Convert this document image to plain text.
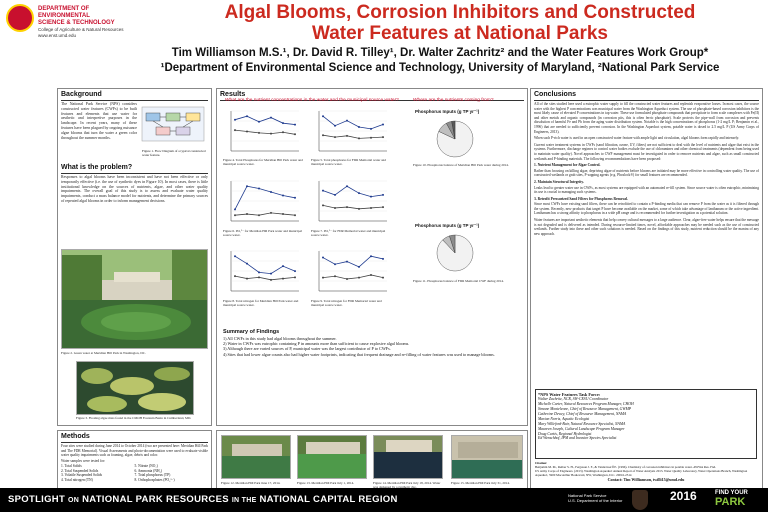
DEPARTMENT OF
ENVIRONMENTAL
SCIENCE & TECHNOLOGY
College of Agriculture & Natural Resources
www.enst.umd.edu
Algal Blooms, Corrosion Inhibitors and Constructed
Water Features at National Parks
Tim Williamson M.S.¹, Dr. David R. Tilley¹, Dr. Walter Zachritz² and the Water Features Work Group*
¹Department of Environmental Science and Technology, University of Maryland, ²National Park Service
Background
The National Park Service (NPS) considers constructed water features (CWFs) to be built features and elements that use water for aesthetic and interpretive purposes in the landscape. In recent years, many of these features have been plagued by ongoing nuisance algae blooms that turn the water a green color throughout the summer months.
Figure 1. Flow Diagram of a typical constructed water feature.
What is the problem?
Responses to algal blooms have been inconsistent and have not been effective or only temporarily effective (i.e. the use of synthetic dyes in Figure 10). In most cases, there is little institutional knowledge on the sources of nutrients, algae, and other water quality impairments. The overall goal of this study is to assess and evaluate water quality impairments, conduct a mass balance model for nutrients, and determine the primary sources of repeated algal blooms in order to inform management decisions.
Figure 2. Green water at Meridian Hill Park in Washington, DC.
Figure 3. Floating algae mats found in the CMOH Fountain Basin in Cumberland, MD.
Methods
Four sites were studied during June 2014 to October 2014 (two are presented here: Meridian Hill Park and The FDR Memorial). Visual Assessments and photo-documentation were used to evaluate visible water quality impairments such as foaming, algae, debris and color.
Water samples were tested for:
1. Total Solids
2. Total Suspended Solids
3. Volatile Suspended Solids
4. Total nitrogen (TN)
5. Nitrate (NO₃)
6. Ammonia (NH₄)
7. Total phosphorus (TP)
8. Orthophosphates (PO₄³⁻)
Results
What are the nutrient concentrations in the water and the municipal source water?	Where are the nutrients coming from?
Figure 4. Total Phosphorus for Meridian Hill Park water and municipal source water.
Figure 5. Total phosphorus for FDR Memorial water and municipal source water.
Figure 6. PO₄³⁻ for Meridian Hill Park water and municipal source water.
Figure 7. PO₄³⁻ for FDR Memorial water and municipal source water.
Figure 8. Total nitrogen for Meridian Hill Park water and municipal source water.
Figure 9. Total nitrogen for FDR Memorial water and municipal source water.
Phosphorus Inputs (g TP yr⁻¹)
Figure 10. Phosphorus balance of Meridian Hill Park water during 2014.
Phosphorus Inputs (g TP yr⁻¹)
Figure 11. Phosphorus balance of FDR Memorial CWF during 2014.
Summary of Findings
1) All CWFs in this study had algal blooms throughout the summer.
2) Water in CWFs was eutrophic containing P in amounts more than sufficient to cause explosive algal blooms.
3) Although there are varied sources of P, municipal water was the largest contributor of P to CWFs.
4) Sites that had lower algae counts also had higher water footprints, indicating that frequent drainage and re-filling of water features was used to manage blooms.
Figure 12. Meridian Hill Park June 17, 2014.	Figure 13. Meridian Hill Park July 1, 2014.	Figure 14. Meridian Hill Park July 18, 2014. Water	Figure 15. Meridian Hill Park July 31, 2014.
Conclusions
All of the sites studied here used a eutrophic water supply to fill the constructed water features and replenish evaporative losses. In most cases, the source water with the highest P concentrations was municipal water from the Washington Aqueduct system. The use of phosphate-based corrosion inhibitors is the most likely cause of elevated P concentrations in tap water. These use formulated phosphate compounds that precipitate to form scale complexes with Fe(II) and other metals and organic compounds (in corrosion pits, this is often ferric phosphate). Scale protects the pipe-wall from corrosion and prevents dissolution of harmful Fe and Pb from the aging water distribution system. Notable is the high concentrations of phosphorus (1-2 mg/L P; Benjamin et al., 1996) that are needed to sufficiently prevent corrosion. In the Washington Aqueduct system, potable water is dosed to 2.5 mg/L P (US Army Corps of Engineers, 2013).
When such P-rich water is used in an open constructed water feature with ample light and circulation, algal blooms form rapidly and intensely.
Current water treatment systems in CWFs (sand filtration, ozone, UV, filters) are not sufficient to deal with the level of nutrients and algae that exist in the systems. Furthermore, discharge regimes to control water bodies exclude the use of chloramines and other chemical treatments (dependent from being used to maintain water quality). Novel approaches to CWF management must be investigated in order to remove nutrients and algae, such as small constructed wetlands and P-binding materials. The following recommendations have been proposed:
1. Nutrient Management for Algae Control.
Rather than focusing on killing algae, depriving algae of nutrients before blooms are initiated may be more effective in controlling water quality. The use of constructed wetlands or grab sites, P-sapping agents (e.g. Phoslock®) for small features are recommended.
2. Maintain Structural Integrity.
Leaks lead to greater water use in CWFs, as most systems are equipped with an automated re-fill system. Since source water is often eutrophic, minimizing its use is crucial to managing such systems.
3. Retrofit Pressurized Sand Filters for Phosphorus Removal.
Since most CWFs have existing sand filters, these can be retrofitted to contain a P-binding media that can remove P from the water as it is filtered through the system. Recently, new products that target P have become available on the market, some of which take advantage of lanthanum or the active ingredient. Lanthanum has a strong affinity to phosphorus in a wide pH range and is recommended for further investigation as a potential solution.
Water features are important aesthetic elements that help convey cultural messages to a large audience. Clear, algae-free water helps ensure that the message is not degraded and is delivered as intended. During resource-limited times, novel, affordable approaches may be needed such as the use of constructed wetlands. Further study into these and other such solutions is needed. Based on the findings of this study, nutrient reduction should be the mantra of any new approach.
*NPS Water Features Task Force:
Walter Zachritz, NCR, SW-CESU Coordinator
Michelle Carter, Natural Resources Program Manager, CHOH
Simone Monteleone, Chief of Resource Management, GWMP
Catherine Dewey, Chief of Resource Management, NAMA
Marian Norris, Aquatic Ecologist
Mary Willeford-Bair, Natural Resource Specialist, NAMA
Maureen Joseph, Cultural Landscape Program Manager
Doug Curtis, Regional Hydrologist
Ed Wenschhof, IPM and Invasive Species Specialist
Citation:
Benjamin M. M., Reiber S. H., Ferguson J. F., & Vanderwerff E. (1996). Chemistry of corrosion inhibitors in potable water. AWWA Res. Fnd.
US Army Corps of Engineers. (2013). Washington Aqueduct Annual Report of Water Analysis 2013. Water Quality Laboratory, Water Operations Branch, Washington Aqueduct, 5900 MacArthur Boulevard, NW, Washington, D.C. 20016-2514
Contact: Tim Williamson, twilli15@umd.edu
SPOTLIGHT ON NATIONAL PARK RESOURCES IN THE NATIONAL CAPITAL REGION	National Park Service
U.S. Department of the Interior	2016	FIND YOUR
PARK
